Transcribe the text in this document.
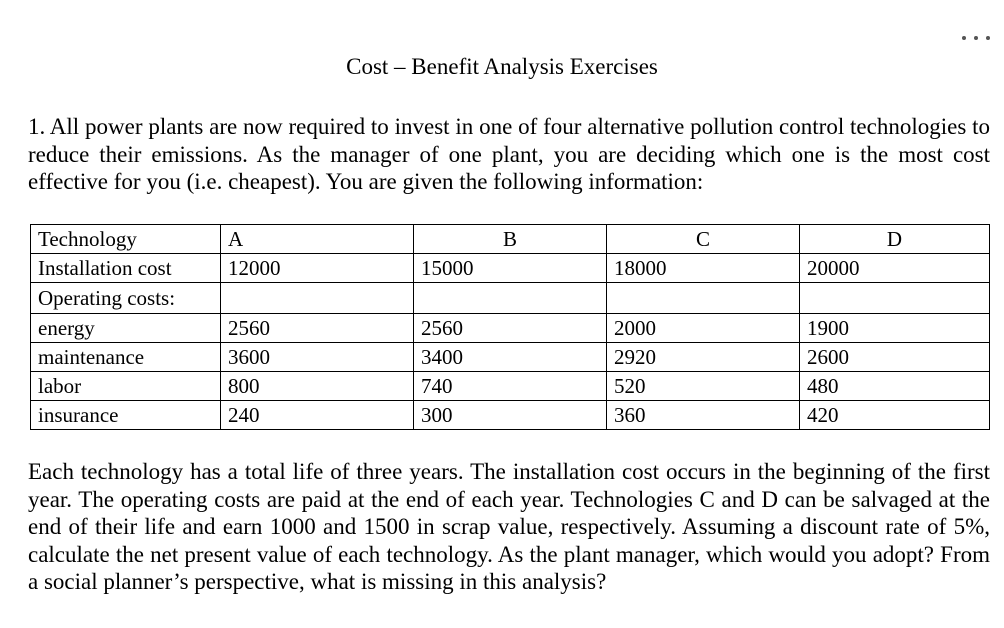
Cost – Benefit Analysis Exercises

1. All power plants are now required to invest in one of four alternative pollution control technologies to reduce their emissions. As the manager of one plant, you are deciding which one is the most cost effective for you (i.e. cheapest). You are given the following information:

Technology	A	B	C	D
Installation cost	12000	15000	18000	20000
Operating costs:				
energy	2560	2560	2000	1900
maintenance	3600	3400	2920	2600
labor	800	740	520	480
insurance	240	300	360	420

Each technology has a total life of three years. The installation cost occurs in the beginning of the first year. The operating costs are paid at the end of each year. Technologies C and D can be salvaged at the end of their life and earn 1000 and 1500 in scrap value, respectively. Assuming a discount rate of 5%, calculate the net present value of each technology. As the plant manager, which would you adopt? From a social planner’s perspective, what is missing in this analysis?
